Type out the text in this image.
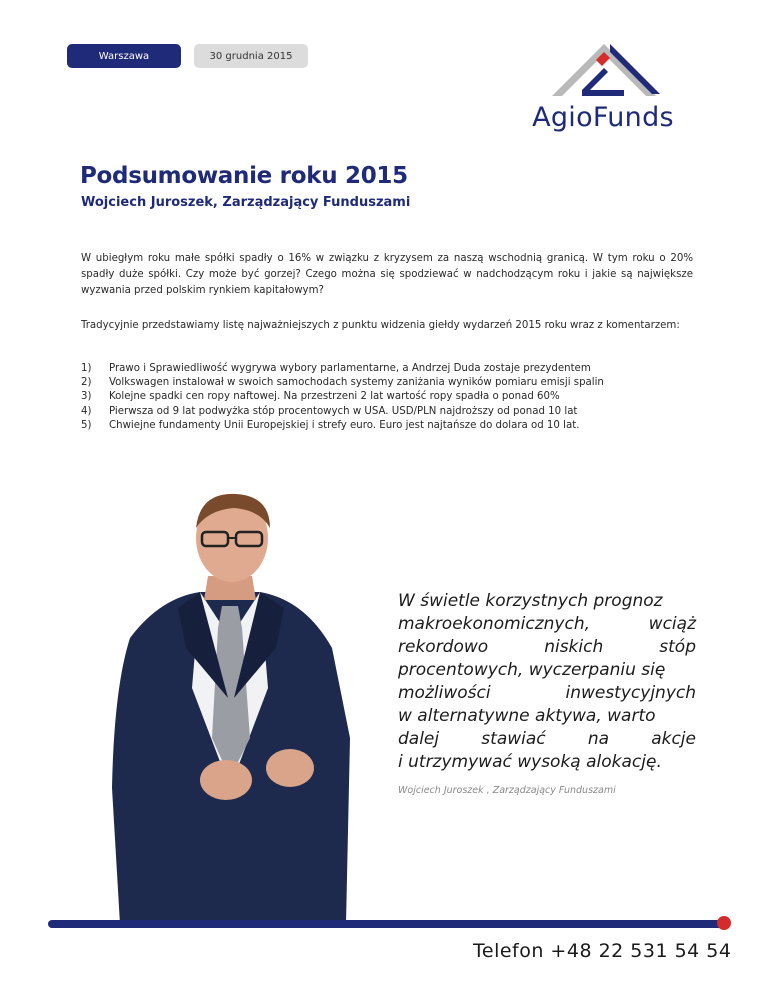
Warszawa	30 grudnia 2015
AgioFunds
Podsumowanie roku 2015
Wojciech Juroszek, Zarządzający Funduszami

W ubiegłym roku małe spółki spadły o 16% w związku z kryzysem za naszą wschodnią granicą. W tym roku o 20% spadły duże spółki. Czy może być gorzej? Czego można się spodziewać w nadchodzącym roku i jakie są największe wyzwania przed polskim rynkiem kapitałowym?

Tradycyjnie przedstawiamy listę najważniejszych z punktu widzenia giełdy wydarzeń 2015 roku wraz z komentarzem:

1)	Prawo i Sprawiedliwość wygrywa wybory parlamentarne, a Andrzej Duda zostaje prezydentem
2)	Volkswagen instalował w swoich samochodach systemy zaniżania wyników pomiaru emisji spalin
3)	Kolejne spadki cen ropy naftowej. Na przestrzeni 2 lat wartość ropy spadła o ponad 60%
4)	Pierwsza od 9 lat podwyżka stóp procentowych w USA. USD/PLN najdroższy od ponad 10 lat
5)	Chwiejne fundamenty Unii Europejskiej i strefy euro. Euro jest najtańsze do dolara od 10 lat.
W świetle korzystnych prognoz
makroekonomicznych,	wciąż
rekordowo	niskich	stóp
procentowych, wyczerpaniu się
możliwości	inwestycyjnych
w alternatywne aktywa, warto
dalej stawiać na akcje
i utrzymywać wysoką alokację.
Wojciech Juroszek , Zarządzający Funduszami
Telefon +48 22 531 54 54
